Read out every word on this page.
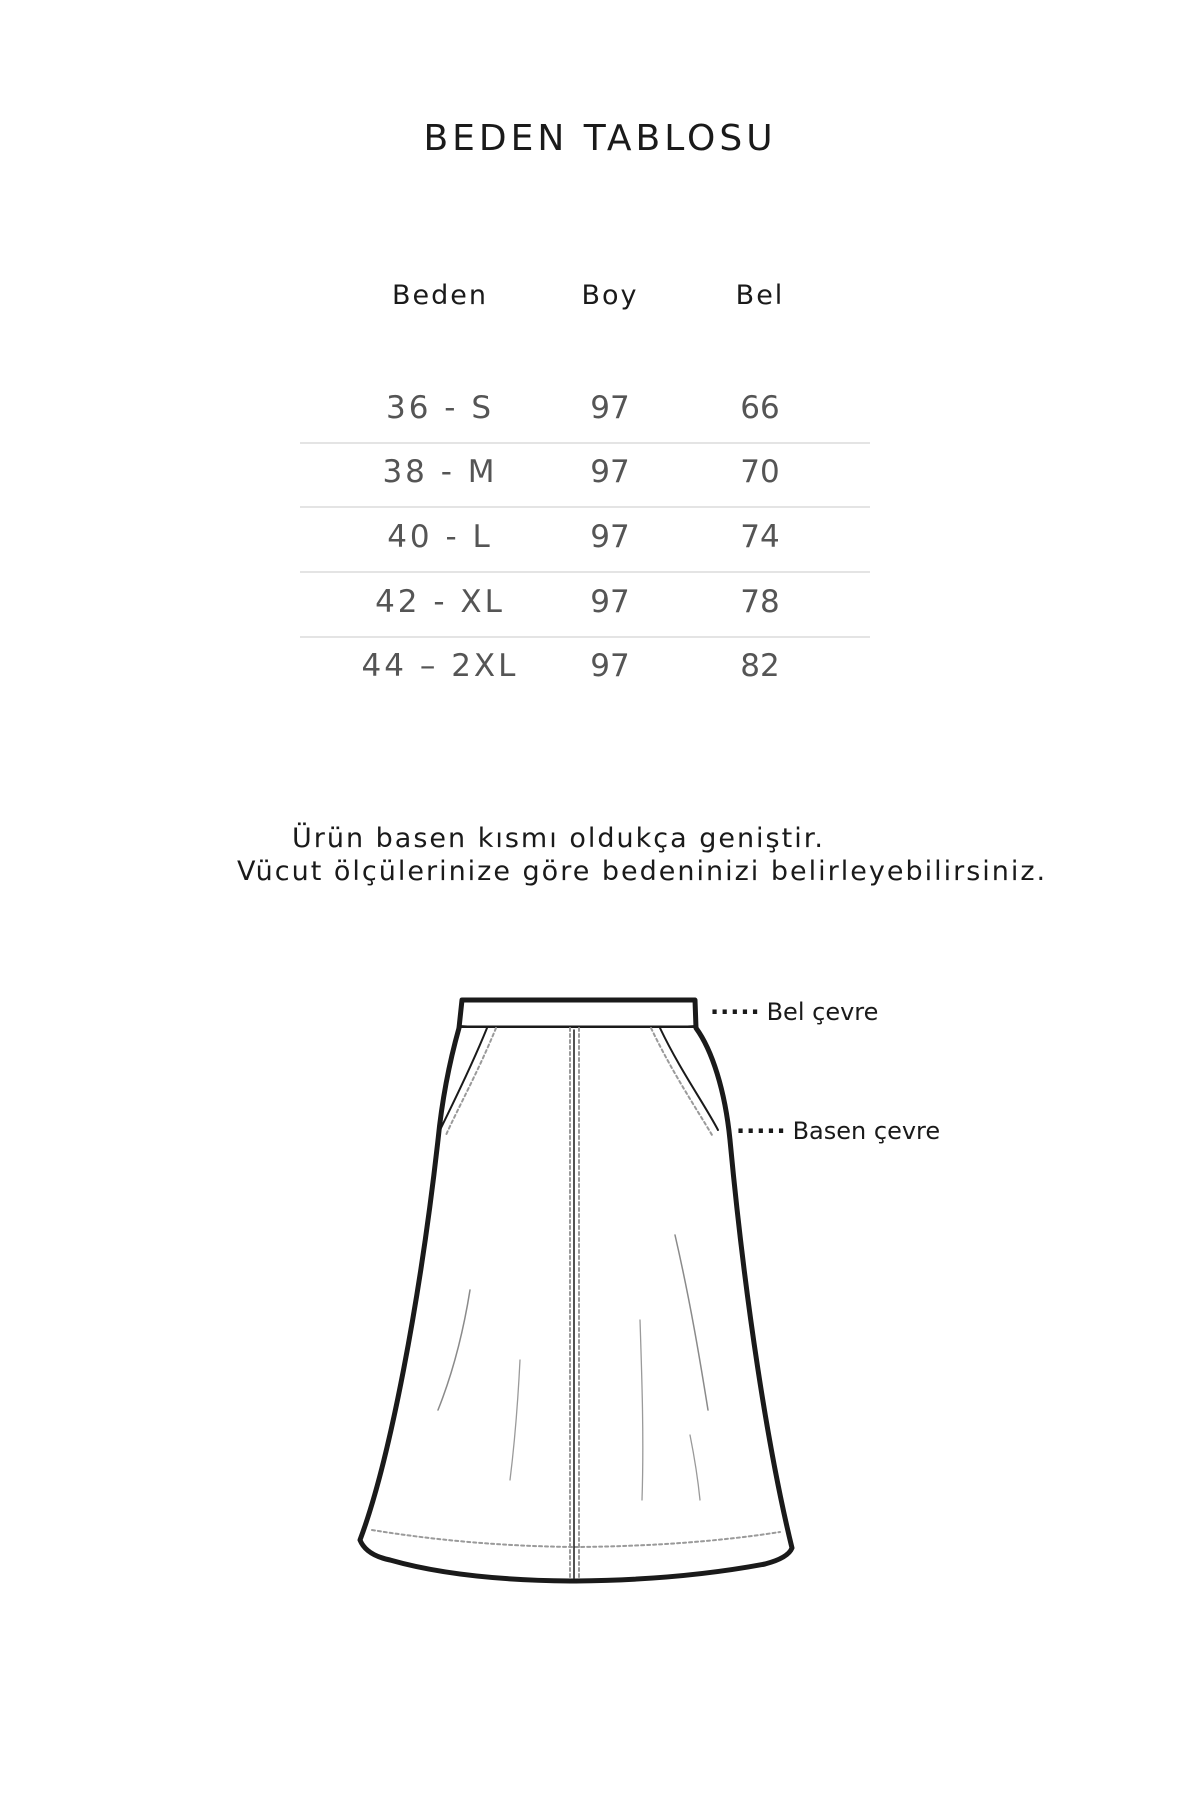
BEDEN TABLOSU
Beden	Boy	Bel
36 - S	97	66
38 - M	97	70
40 - L	97	74
42 - XL	97	78
44 – 2XL	97	82
Ürün basen kısmı oldukça geniştir.
Vücut ölçülerinize göre bedeninizi belirleyebilirsiniz.
····· Bel çevre
····· Basen çevre
